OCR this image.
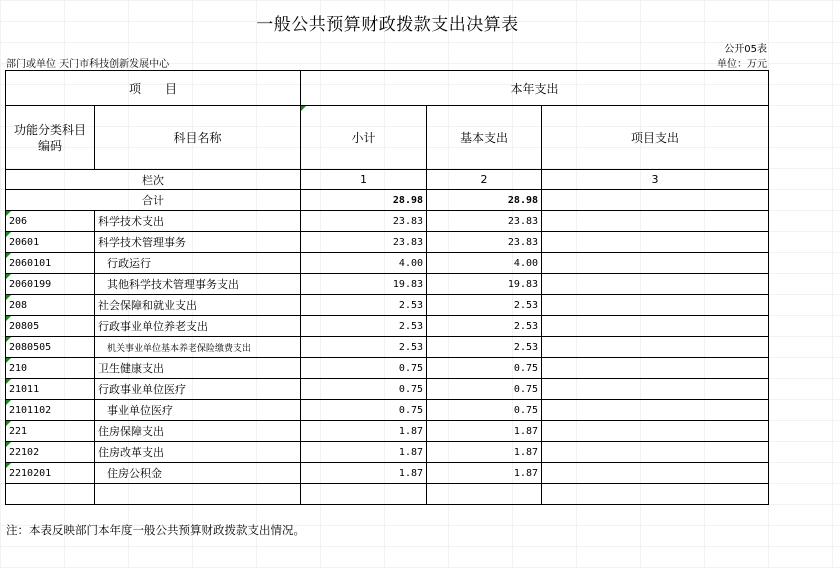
一般公共预算财政拨款支出决算表
公开05表
部门或单位 天门市科技创新发展中心	单位：万元
项　　目		本年支出		
功能分类科目编码	科目名称	小计	基本支出	项目支出
栏次		1	2	3
合计		28.98	28.98	
206	科学技术支出	23.83	23.83	
20601	科学技术管理事务	23.83	23.83	
2060101	行政运行	4.00	4.00	
2060199	其他科学技术管理事务支出	19.83	19.83	
208	社会保障和就业支出	2.53	2.53	
20805	行政事业单位养老支出	2.53	2.53	
2080505	机关事业单位基本养老保险缴费支出	2.53	2.53	
210	卫生健康支出	0.75	0.75	
21011	行政事业单位医疗	0.75	0.75	
2101102	事业单位医疗	0.75	0.75	
221	住房保障支出	1.87	1.87	
22102	住房改革支出	1.87	1.87	
2210201	住房公积金	1.87	1.87	

注：本表反映部门本年度一般公共预算财政拨款支出情况。
